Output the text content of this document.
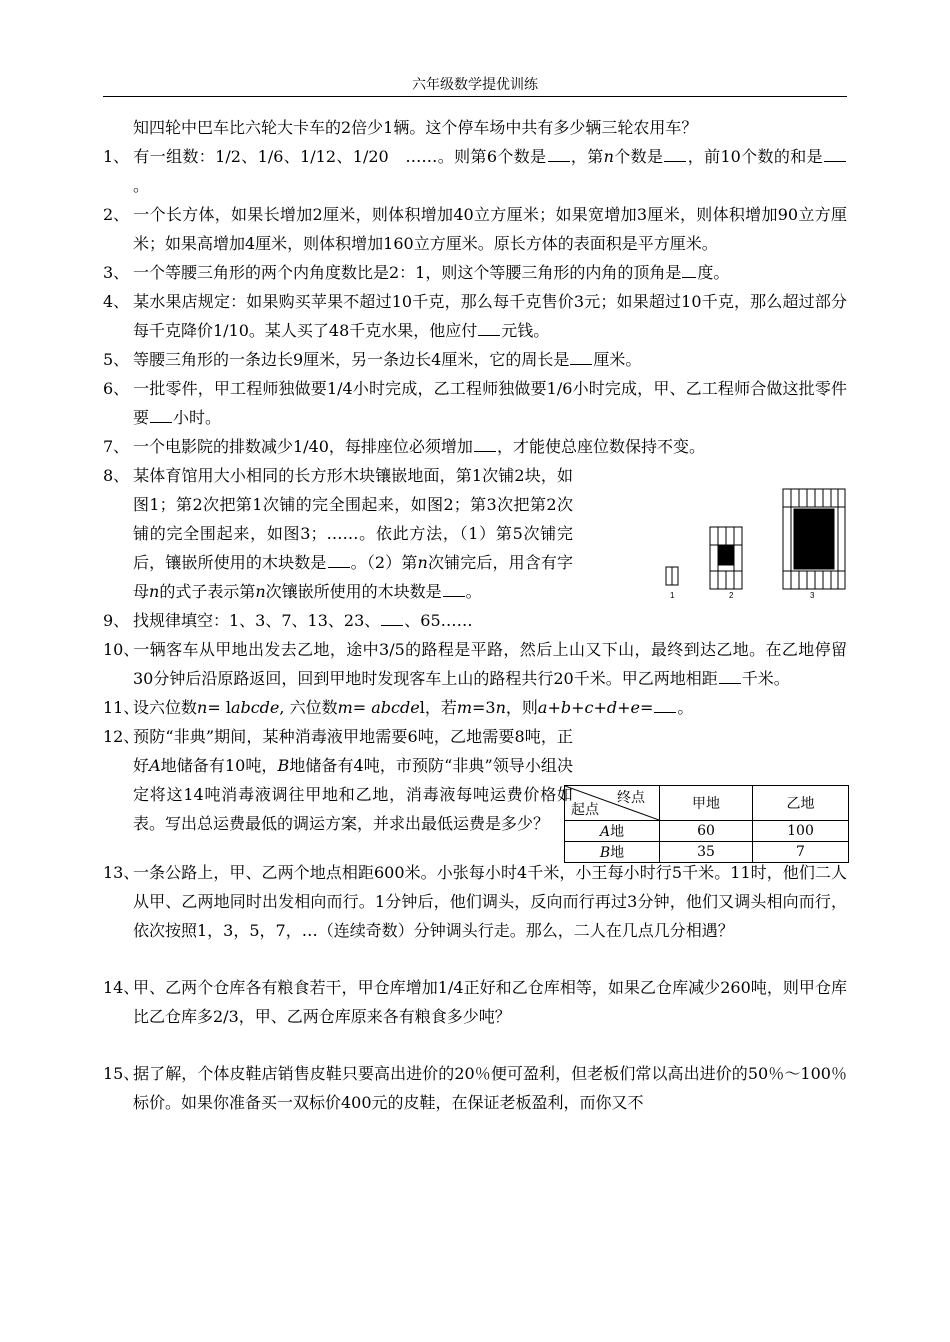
六年级数学提优训练
知四轮中巴车比六轮大卡车的2倍少1辆。这个停车场中共有多少辆三轮农用车？
1、 有一组数：1/2、1/6、1/12、1/20　……。则第6个数是 ，第n个数是 ，前10个数的和是。
2、 一个长方体，如果长增加2厘米，则体积增加40立方厘米；如果宽增加3厘米，则体积增加90立方厘米；如果高增加4厘米，则体积增加160立方厘米。原长方体的表面积是平方厘米。
3、 一个等腰三角形的两个内角度数比是2：1，则这个等腰三角形的内角的顶角是 度。
4、 某水果店规定：如果购买苹果不超过10千克，那么每千克售价3元；如果超过10千克，那么超过部分每千克降价1/10。某人买了48千克水果，他应付 元钱。
5、 等腰三角形的一条边长9厘米，另一条边长4厘米，它的周长是 厘米。
6、 一批零件，甲工程师独做要1/4小时完成，乙工程师独做要1/6小时完成，甲、乙工程师合做这批零件要 小时。
7、 一个电影院的排数减少1/40，每排座位必须增加 ，才能使总座位数保持不变。
8、 某体育馆用大小相同的长方形木块镶嵌地面，第1次铺2块，如图1；第2次把第1次铺的完全围起来，如图2；第3次把第2次铺的完全围起来，如图3；……。依此方法，（1）第5次铺完后，镶嵌所使用的木块数是 。（2）第n次铺完后，用含有字母n的式子表示第n次镶嵌所使用的木块数是 。
9、 找规律填空：1、3、7、13、23、 、65……
10、一辆客车从甲地出发去乙地，途中3/5的路程是平路，然后上山又下山，最终到达乙地。在乙地停留30分钟后沿原路返回，回到甲地时发现客车上山的路程共行20千米。甲乙两地相距 千米。
11、设六位数n= labcde, 六位数m= abcdel，若m=3n，则a+b+c+d+e= 。
12、预防“非典”期间，某种消毒液甲地需要6吨，乙地需要8吨，正好A地储备有10吨，B地储备有4吨，市预防“非典”领导小组决定将这14吨消毒液调往甲地和乙地，消毒液每吨运费价格如表。写出总运费最低的调运方案，并求出最低运费是多少？
13、一条公路上，甲、乙两个地点相距600米。小张每小时4千米，小王每小时行5千米。11时，他们二人从甲、乙两地同时出发相向而行。1分钟后，他们调头，反向而行再过3分钟，他们又调头相向而行，依次按照1，3，5，7，…（连续奇数）分钟调头行走。那么，二人在几点几分相遇？
14、甲、乙两个仓库各有粮食若干，甲仓库增加1/4正好和乙仓库相等，如果乙仓库减少260吨，则甲仓库比乙仓库多2/3，甲、乙两仓库原来各有粮食多少吨？
15、据了解，个体皮鞋店销售皮鞋只要高出进价的20％便可盈利，但老板们常以高出进价的50％～100％标价。如果你准备买一双标价400元的皮鞋，在保证老板盈利，而你又不
1	2	3
终点
起点	甲地	乙地
A地	60	100
B地	35	7
